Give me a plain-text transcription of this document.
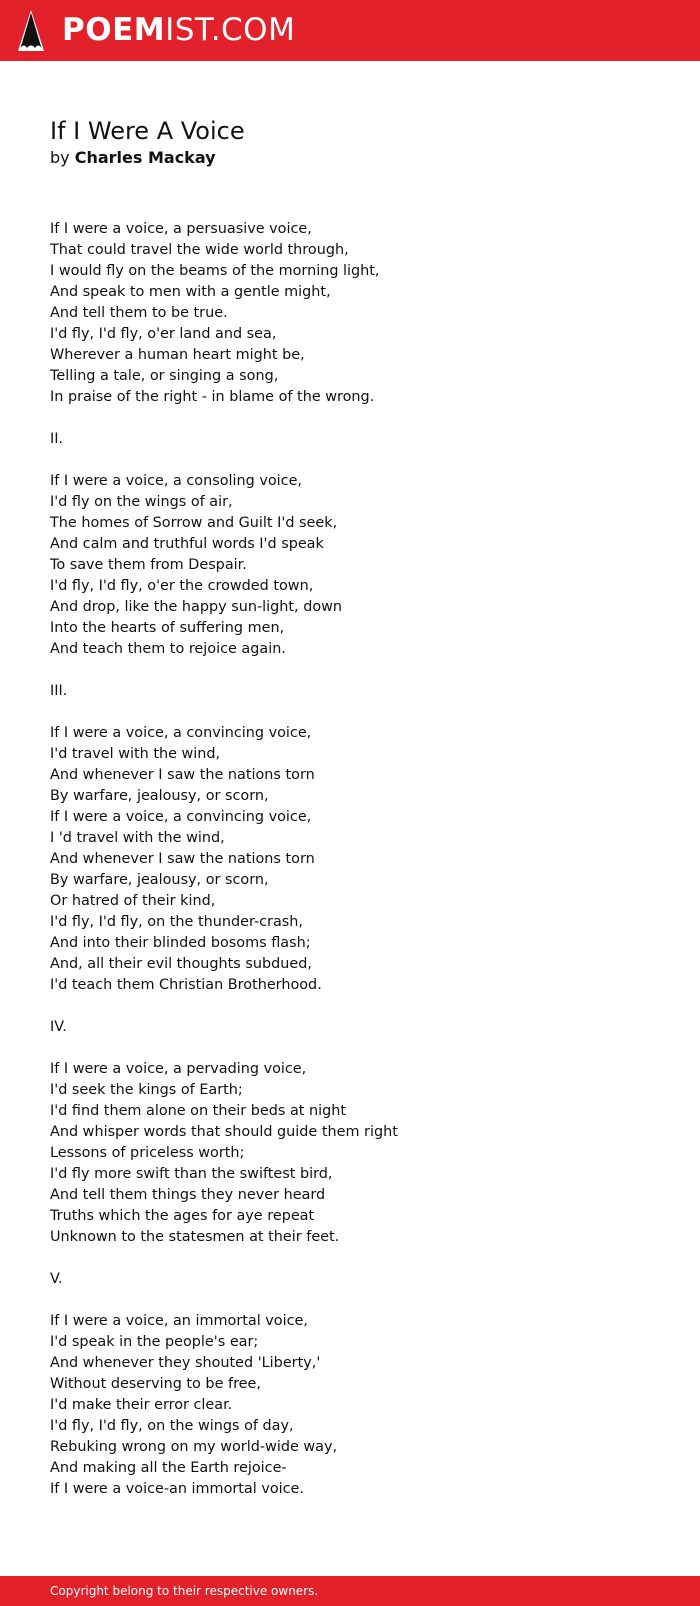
POEMIST.COM
If I Were A Voice
by Charles Mackay
If I were a voice, a persuasive voice,
That could travel the wide world through,
I would fly on the beams of the morning light,
And speak to men with a gentle might,
And tell them to be true.
I'd fly, I'd fly, o'er land and sea,
Wherever a human heart might be,
Telling a tale, or singing a song,
In praise of the right - in blame of the wrong.
II.
If I were a voice, a consoling voice,
I'd fly on the wings of air,
The homes of Sorrow and Guilt I'd seek,
And calm and truthful words I'd speak
To save them from Despair.
I'd fly, I'd fly, o'er the crowded town,
And drop, like the happy sun-light, down
Into the hearts of suffering men,
And teach them to rejoice again.
III.
If I were a voice, a convincing voice,
I'd travel with the wind,
And whenever I saw the nations torn
By warfare, jealousy, or scorn,
If I were a voice, a convincing voice,
I 'd travel with the wind,
And whenever I saw the nations torn
By warfare, jealousy, or scorn,
Or hatred of their kind,
I'd fly, I'd fly, on the thunder-crash,
And into their blinded bosoms flash;
And, all their evil thoughts subdued,
I'd teach them Christian Brotherhood.
IV.
If I were a voice, a pervading voice,
I'd seek the kings of Earth;
I'd find them alone on their beds at night
And whisper words that should guide them right
Lessons of priceless worth;
I'd fly more swift than the swiftest bird,
And tell them things they never heard
Truths which the ages for aye repeat
Unknown to the statesmen at their feet.
V.
If I were a voice, an immortal voice,
I'd speak in the people's ear;
And whenever they shouted 'Liberty,'
Without deserving to be free,
I'd make their error clear.
I'd fly, I'd fly, on the wings of day,
Rebuking wrong on my world-wide way,
And making all the Earth rejoice-
If I were a voice-an immortal voice.
Copyright belong to their respective owners.
